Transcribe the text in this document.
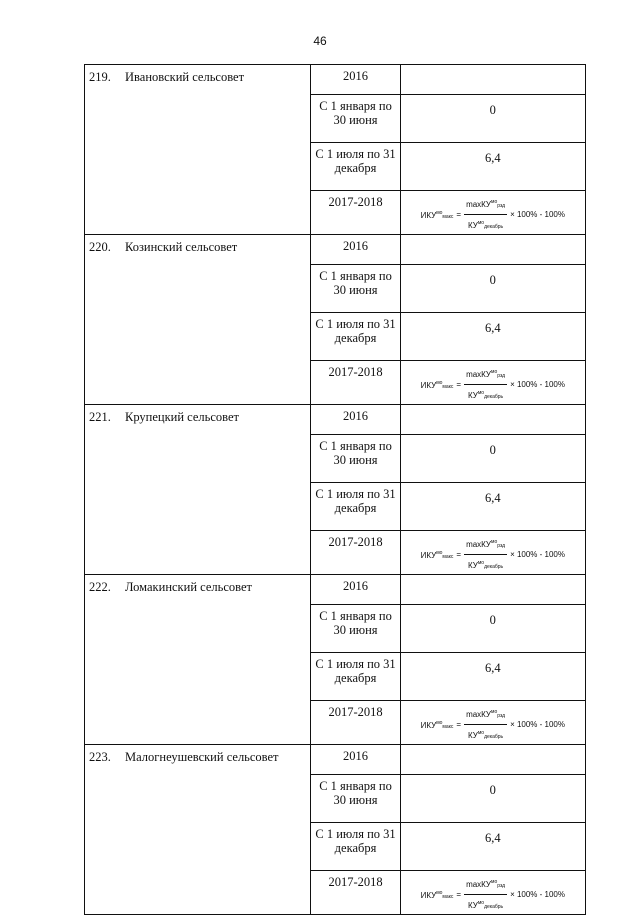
46
219. Ивановский сельсовет	2016	
	С 1 января по 30 июня	0
	С 1 июля по 31 декабря	6,4
	2017-2018	$ИКУ^{мо}макс = \frac{\max КУ^{мо}рзд}{КУ^{мо}декабрь} \times 100\% - 100\%$

220. Козинский сельсовет	2016	
	С 1 января по 30 июня	0
	С 1 июля по 31 декабря	6,4
	2017-2018	$ИКУ^{мо}макс = \frac{\max КУ^{мо}рзд}{КУ^{мо}декабрь} \times 100\% - 100\%$

221. Крупецкий сельсовет	2016	
	С 1 января по 30 июня	0
	С 1 июля по 31 декабря	6,4
	2017-2018	$ИКУ^{мо}макс = \frac{\max КУ^{мо}рзд}{КУ^{мо}декабрь} \times 100\% - 100\%$

222. Ломакинский сельсовет	2016	
	С 1 января по 30 июня	0
	С 1 июля по 31 декабря	6,4
	2017-2018	$ИКУ^{мо}макс = \frac{\max КУ^{мо}рзд}{КУ^{мо}декабрь} \times 100\% - 100\%$

223. Малогнеушевский сельсовет	2016	
	С 1 января по 30 июня	0
	С 1 июля по 31 декабря	6,4
	2017-2018	$ИКУ^{мо}макс = \frac{\max КУ^{мо}рзд}{КУ^{мо}декабрь} \times 100\% - 100\%$
